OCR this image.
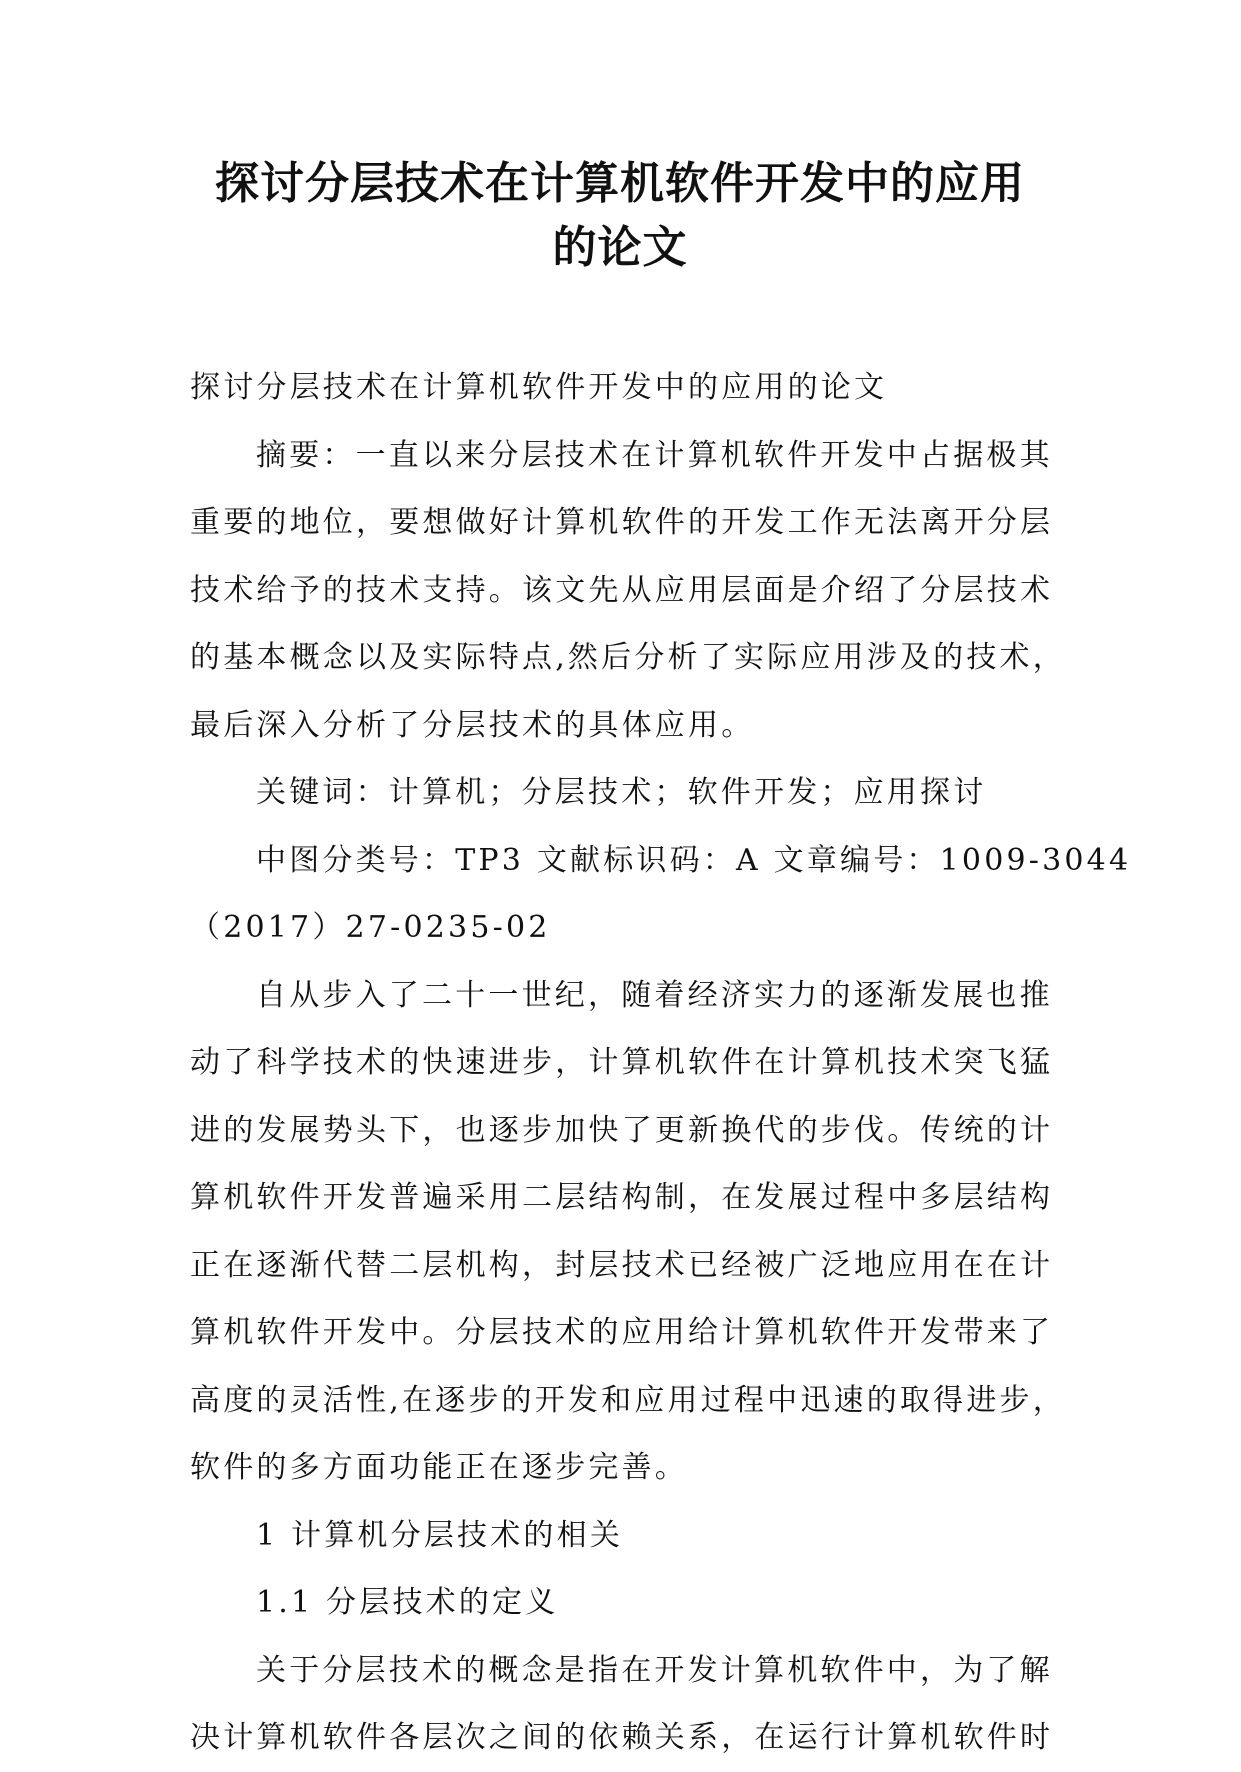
探讨分层技术在计算机软件开发中的应用
的论文
探讨分层技术在计算机软件开发中的应用的论文
摘要：一直以来分层技术在计算机软件开发中占据极其
重要的地位，要想做好计算机软件的开发工作无法离开分层
技术给予的技术支持。该文先从应用层面是介绍了分层技术
的基本概念以及实际特点,然后分析了实际应用涉及的技术，
最后深入分析了分层技术的具体应用。
关键词：计算机；分层技术；软件开发；应用探讨
中图分类号：TP3 文献标识码：A 文章编号：1009-3044
（2017）27-0235-02
自从步入了二十一世纪，随着经济实力的逐渐发展也推
动了科学技术的快速进步，计算机软件在计算机技术突飞猛
进的发展势头下，也逐步加快了更新换代的步伐。传统的计
算机软件开发普遍采用二层结构制，在发展过程中多层结构
正在逐渐代替二层机构，封层技术已经被广泛地应用在在计
算机软件开发中。分层技术的应用给计算机软件开发带来了
高度的灵活性,在逐步的开发和应用过程中迅速的取得进步，
软件的多方面功能正在逐步完善。
1 计算机分层技术的相关
1.1 分层技术的定义
关于分层技术的概念是指在开发计算机软件中，为了解
决计算机软件各层次之间的依赖关系，在运行计算机软件时
